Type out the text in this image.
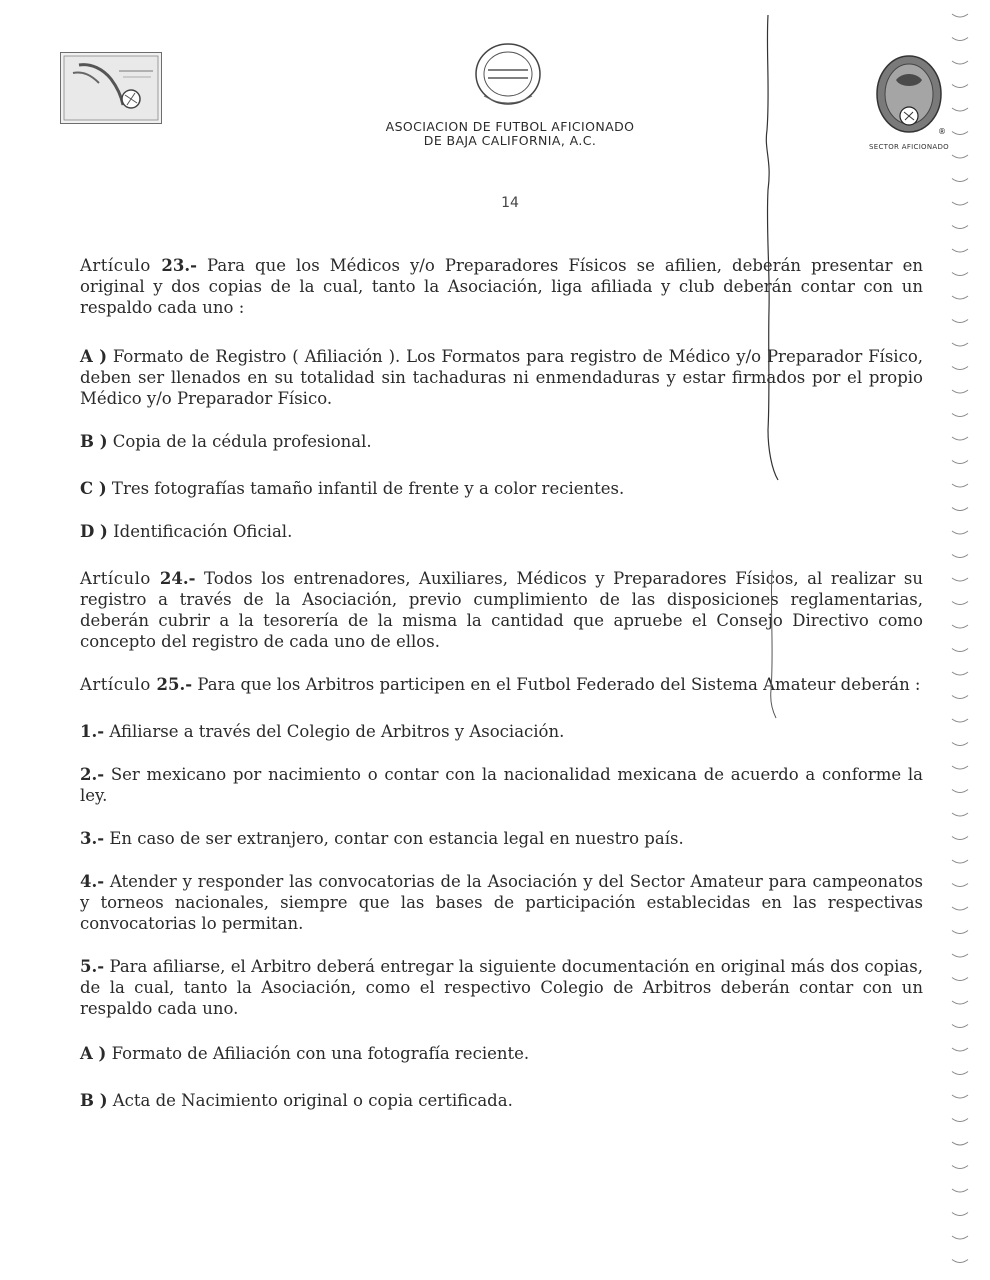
®
SECTOR AFICIONADO
ASOCIACION DE FUTBOL AFICIONADO
DE BAJA CALIFORNIA, A.C.
14

Artículo 23.- Para que los Médicos y/o Preparadores Físicos se afilien, deberán presentar en original y dos copias de la cual, tanto la Asociación, liga afiliada y club deberán contar con un respaldo cada uno :

A ) Formato de Registro ( Afiliación ). Los Formatos para registro de Médico y/o Preparador Físico, deben ser llenados en su totalidad sin tachaduras ni enmendaduras y estar firmados por el propio Médico y/o Preparador Físico.

B ) Copia de la cédula profesional.

C ) Tres fotografías tamaño infantil de frente y a color recientes.

D ) Identificación Oficial.

Artículo 24.- Todos los entrenadores, Auxiliares, Médicos y Preparadores Físicos, al realizar su registro a través de la Asociación, previo cumplimiento de las disposiciones reglamentarias, deberán cubrir a la tesorería de la misma la cantidad que apruebe el Consejo Directivo como concepto del registro de cada uno de ellos.

Artículo 25.- Para que los Arbitros participen en el Futbol Federado del Sistema Amateur deberán :

1.- Afiliarse a través del Colegio de Arbitros y Asociación.

2.- Ser mexicano por nacimiento o contar con la nacionalidad mexicana de acuerdo a conforme la ley.

3.- En caso de ser extranjero, contar con estancia legal en nuestro país.

4.- Atender y responder las convocatorias de la Asociación y del Sector Amateur para campeonatos y torneos nacionales, siempre que las bases de participación establecidas en las respectivas convocatorias lo permitan.

5.- Para afiliarse, el Arbitro deberá entregar la siguiente documentación en original más dos copias, de la cual, tanto la Asociación, como el respectivo Colegio de Arbitros deberán contar con un respaldo cada uno.

A ) Formato de Afiliación con una fotografía reciente.

B ) Acta de Nacimiento original o copia certificada.
